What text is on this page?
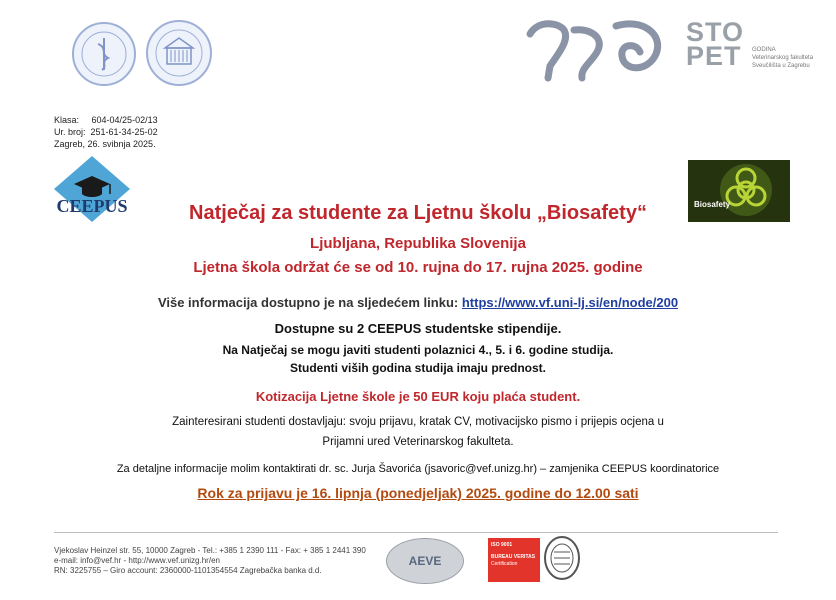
STO
PET	GODINA
Veterinarskog fakulteta
Sveučilišta u Zagrebu
Klasa: 604-04/25-02/13
Ur. broj: 251-61-34-25-02
Zagreb, 26. svibnja 2025.
CEEPUS	Biosafety
Natječaj za studente za Ljetnu školu „Biosafety“
Ljubljana, Republika Slovenija
Ljetna škola održat će se od 10. rujna do 17. rujna 2025. godine
Više informacija dostupno je na sljedećem linku: https://www.vf.uni-lj.si/en/node/200
Dostupne su 2 CEEPUS studentske stipendije.
Na Natječaj se mogu javiti studenti polaznici 4., 5. i 6. godine studija.
Studenti viših godina studija imaju prednost.
Kotizacija Ljetne škole je 50 EUR koju plaća student.
Zainteresirani studenti dostavljaju: svoju prijavu, kratak CV, motivacijsko pismo i prijepis ocjena u
Prijamni ured Veterinarskog fakulteta.
Za detaljne informacije molim kontaktirati dr. sc. Jurja Šavorića (jsavoric@vef.unizg.hr) – zamjenika CEEPUS koordinatorice
Rok za prijavu je 16. lipnja (ponedjeljak) 2025. godine do 12.00 sati
Vjekoslav Heinzel str. 55, 10000 Zagreb - Tel.: +385 1 2390 111 - Fax: + 385 1 2441 390
e-mail: info@vef.hr - http://www.vef.unizg.hr/en
RN: 3225755 – Giro account: 2360000-1101354554 Zagrebačka banka d.d.
AEVE
ISO 9001
BUREAU VERITAS
Certification
